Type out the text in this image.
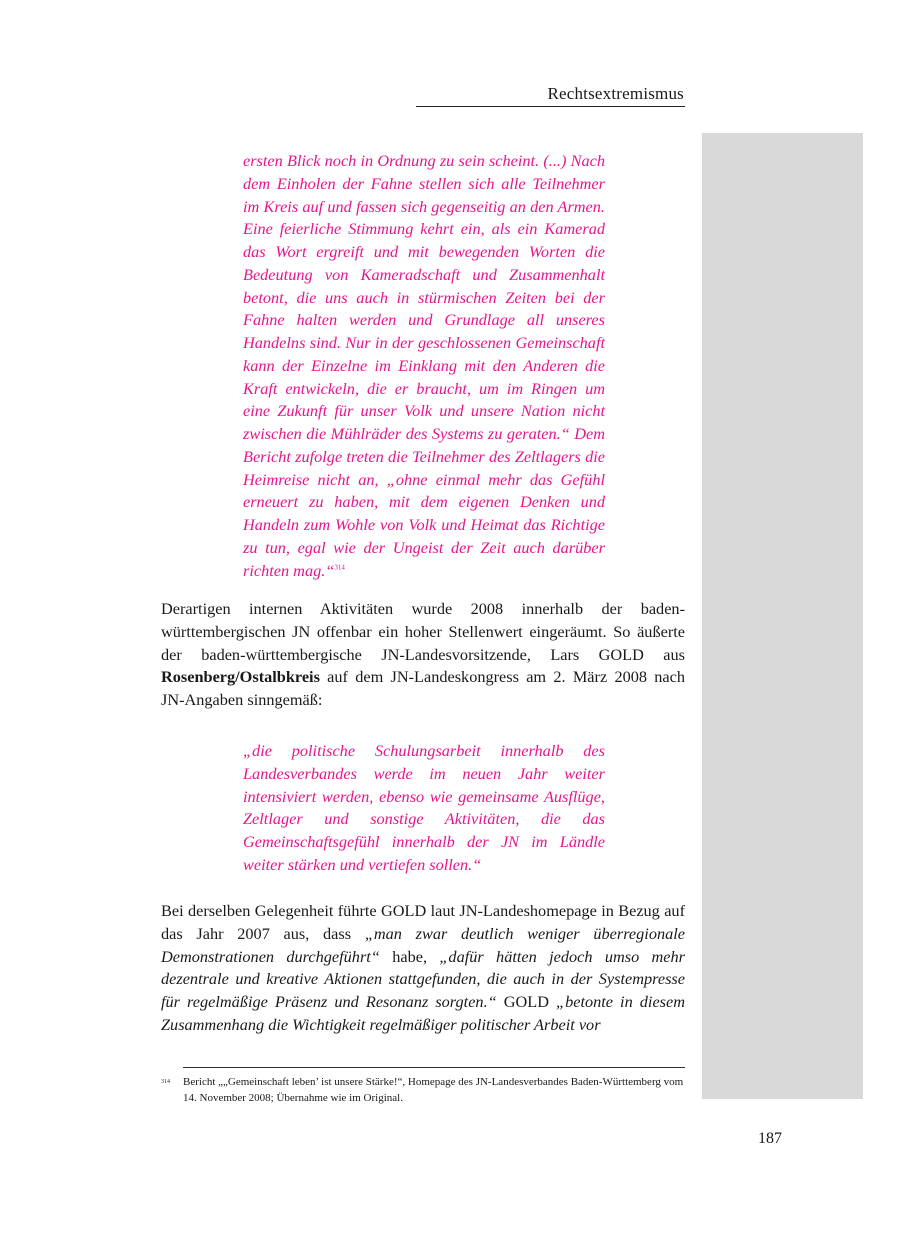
Rechtsextremismus

ersten Blick noch in Ordnung zu sein scheint. (...) Nach dem Einholen der Fahne stellen sich alle Teilnehmer im Kreis auf und fassen sich gegenseitig an den Armen. Eine feierliche Stimmung kehrt ein, als ein Kamerad das Wort ergreift und mit bewegenden Worten die Bedeutung von Kameradschaft und Zusammenhalt betont, die uns auch in stürmischen Zeiten bei der Fahne halten werden und Grundlage all unseres Handelns sind. Nur in der geschlossenen Gemeinschaft kann der Einzelne im Einklang mit den Anderen die Kraft entwickeln, die er braucht, um im Ringen um eine Zukunft für unser Volk und unsere Nation nicht zwischen die Mühlräder des Systems zu geraten.“ Dem Bericht zufolge treten die Teilnehmer des Zeltlagers die Heimreise nicht an, „ohne einmal mehr das Gefühl erneuert zu haben, mit dem eigenen Denken und Handeln zum Wohle von Volk und Heimat das Richtige zu tun, egal wie der Ungeist der Zeit auch darüber richten mag.“$^{314}$

Derartigen internen Aktivitäten wurde 2008 innerhalb der baden-württembergischen JN offenbar ein hoher Stellenwert eingeräumt. So äußerte der baden-württembergische JN-Landesvorsitzende, Lars GOLD aus Rosenberg/Ostalbkreis auf dem JN-Landeskongress am 2. März 2008 nach JN-Angaben sinngemäß:

„die politische Schulungsarbeit innerhalb des Landesverbandes werde im neuen Jahr weiter intensiviert werden, ebenso wie gemeinsame Ausflüge, Zeltlager und sonstige Aktivitäten, die das Gemeinschaftsgefühl innerhalb der JN im Ländle weiter stärken und vertiefen sollen.“

Bei derselben Gelegenheit führte GOLD laut JN-Landeshomepage in Bezug auf das Jahr 2007 aus, dass „man zwar deutlich weniger überregionale Demonstrationen durchgeführt“ habe, „dafür hätten jedoch umso mehr dezentrale und kreative Aktionen stattgefunden, die auch in der Systempresse für regelmäßige Präsenz und Resonanz sorgten.“ GOLD „betonte in diesem Zusammenhang die Wichtigkeit regelmäßiger politischer Arbeit vor

314	Bericht „„Gemeinschaft leben’ ist unsere Stärke!“, Homepage des JN-Landesverbandes Baden-Württemberg vom 14. November 2008; Übernahme wie im Original.

187
